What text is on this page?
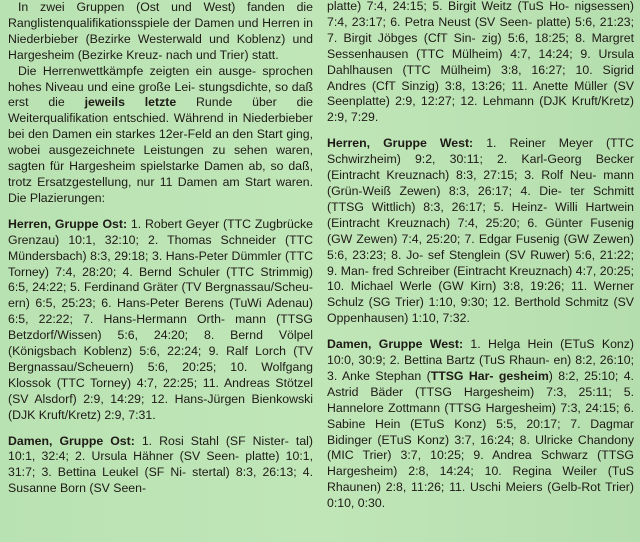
In zwei Gruppen (Ost und West) fanden die Ranglistenqualifikationsspiele der Damen und Herren in Niederbieber (Bezirke Westerwald und Koblenz) und Hargesheim (Bezirke Kreuz- nach und Trier) statt.

Die Herrenwettkämpfe zeigten ein ausge- sprochen hohes Niveau und eine große Lei- stungsdichte, so daß erst die jeweils letzte Runde über die Weiterqualifikation entschied. Während in Niederbieber bei den Damen ein starkes 12er-Feld an den Start ging, wobei ausgezeichnete Leistungen zu sehen waren, sagten für Hargesheim spielstarke Damen ab, so daß, trotz Ersatzgestellung, nur 11 Damen am Start waren. Die Plazierungen:

Herren, Gruppe Ost: 1. Robert Geyer (TTC Zugbrücke Grenzau) 10:1, 32:10; 2. Thomas Schneider (TTC Mündersbach) 8:3, 29:18; 3. Hans-Peter Dümmler (TTC Torney) 7:4, 28:20; 4. Bernd Schuler (TTC Strimmig) 6:5, 24:22; 5. Ferdinand Gräter (TV Bergnassau/Scheu- ern) 6:5, 25:23; 6. Hans-Peter Berens (TuWi Adenau) 6:5, 22:22; 7. Hans-Hermann Orth- mann (TTSG Betzdorf/Wissen) 5:6, 24:20; 8. Bernd Völpel (Königsbach Koblenz) 5:6, 22:24; 9. Ralf Lorch (TV Bergnassau/Scheuern) 5:6, 20:25; 10. Wolfgang Klossok (TTC Torney) 4:7, 22:25; 11. Andreas Stötzel (SV Alsdorf) 2:9, 14:29; 12. Hans-Jürgen Bienkowski (DJK Kruft/Kretz) 2:9, 7:31.

Damen, Gruppe Ost: 1. Rosi Stahl (SF Nister- tal) 10:1, 32:4; 2. Ursula Hähner (SV Seen- platte) 10:1, 31:7; 3. Bettina Leukel (SF Ni- stertal) 8:3, 26:13; 4. Susanne Born (SV Seen-

platte) 7:4, 24:15; 5. Birgit Weitz (TuS Ho- nigsessen) 7:4, 23:17; 6. Petra Neust (SV Seen- platte) 5:6, 21:23; 7. Birgit Jöbges (CfT Sin- zig) 5:6, 18:25; 8. Margret Sessenhausen (TTC Mülheim) 4:7, 14:24; 9. Ursula Dahlhausen (TTC Mülheim) 3:8, 16:27; 10. Sigrid Andres (CfT Sinzig) 3:8, 13:26; 11. Anette Müller (SV Seenplatte) 2:9, 12:27; 12. Lehmann (DJK Kruft/Kretz) 2:9, 7:29.

Herren, Gruppe West: 1. Reiner Meyer (TTC Schwirzheim) 9:2, 30:11; 2. Karl-Georg Becker (Eintracht Kreuznach) 8:3, 27:15; 3. Rolf Neu- mann (Grün-Weiß Zewen) 8:3, 26:17; 4. Die- ter Schmitt (TTSG Wittlich) 8:3, 26:17; 5. Heinz- Willi Hartwein (Eintracht Kreuznach) 7:4, 25:20; 6. Günter Fusenig (GW Zewen) 7:4, 25:20; 7. Edgar Fusenig (GW Zewen) 5:6, 23:23; 8. Jo- sef Stenglein (SV Ruwer) 5:6, 21:22; 9. Man- fred Schreiber (Eintracht Kreuznach) 4:7, 20:25; 10. Michael Werle (GW Kirn) 3:8, 19:26; 11. Werner Schulz (SG Trier) 1:10, 9:30; 12. Berthold Schmitz (SV Oppenhausen) 1:10, 7:32.

Damen, Gruppe West: 1. Helga Hein (ETuS Konz) 10:0, 30:9; 2. Bettina Bartz (TuS Rhaun- en) 8:2, 26:10; 3. Anke Stephan (TTSG Har- gesheim) 8:2, 25:10; 4. Astrid Bäder (TTSG Hargesheim) 7:3, 25:11; 5. Hannelore Zottmann (TTSG Hargesheim) 7:3, 24:15; 6. Sabine Hein (ETuS Konz) 5:5, 20:17; 7. Dagmar Bidinger (ETuS Konz) 3:7, 16:24; 8. Ulricke Chandony (MIC Trier) 3:7, 10:25; 9. Andrea Schwarz (TTSG Hargesheim) 2:8, 14:24; 10. Regina Weiler (TuS Rhaunen) 2:8, 11:26; 11. Uschi Meiers (Gelb-Rot Trier) 0:10, 0:30.
